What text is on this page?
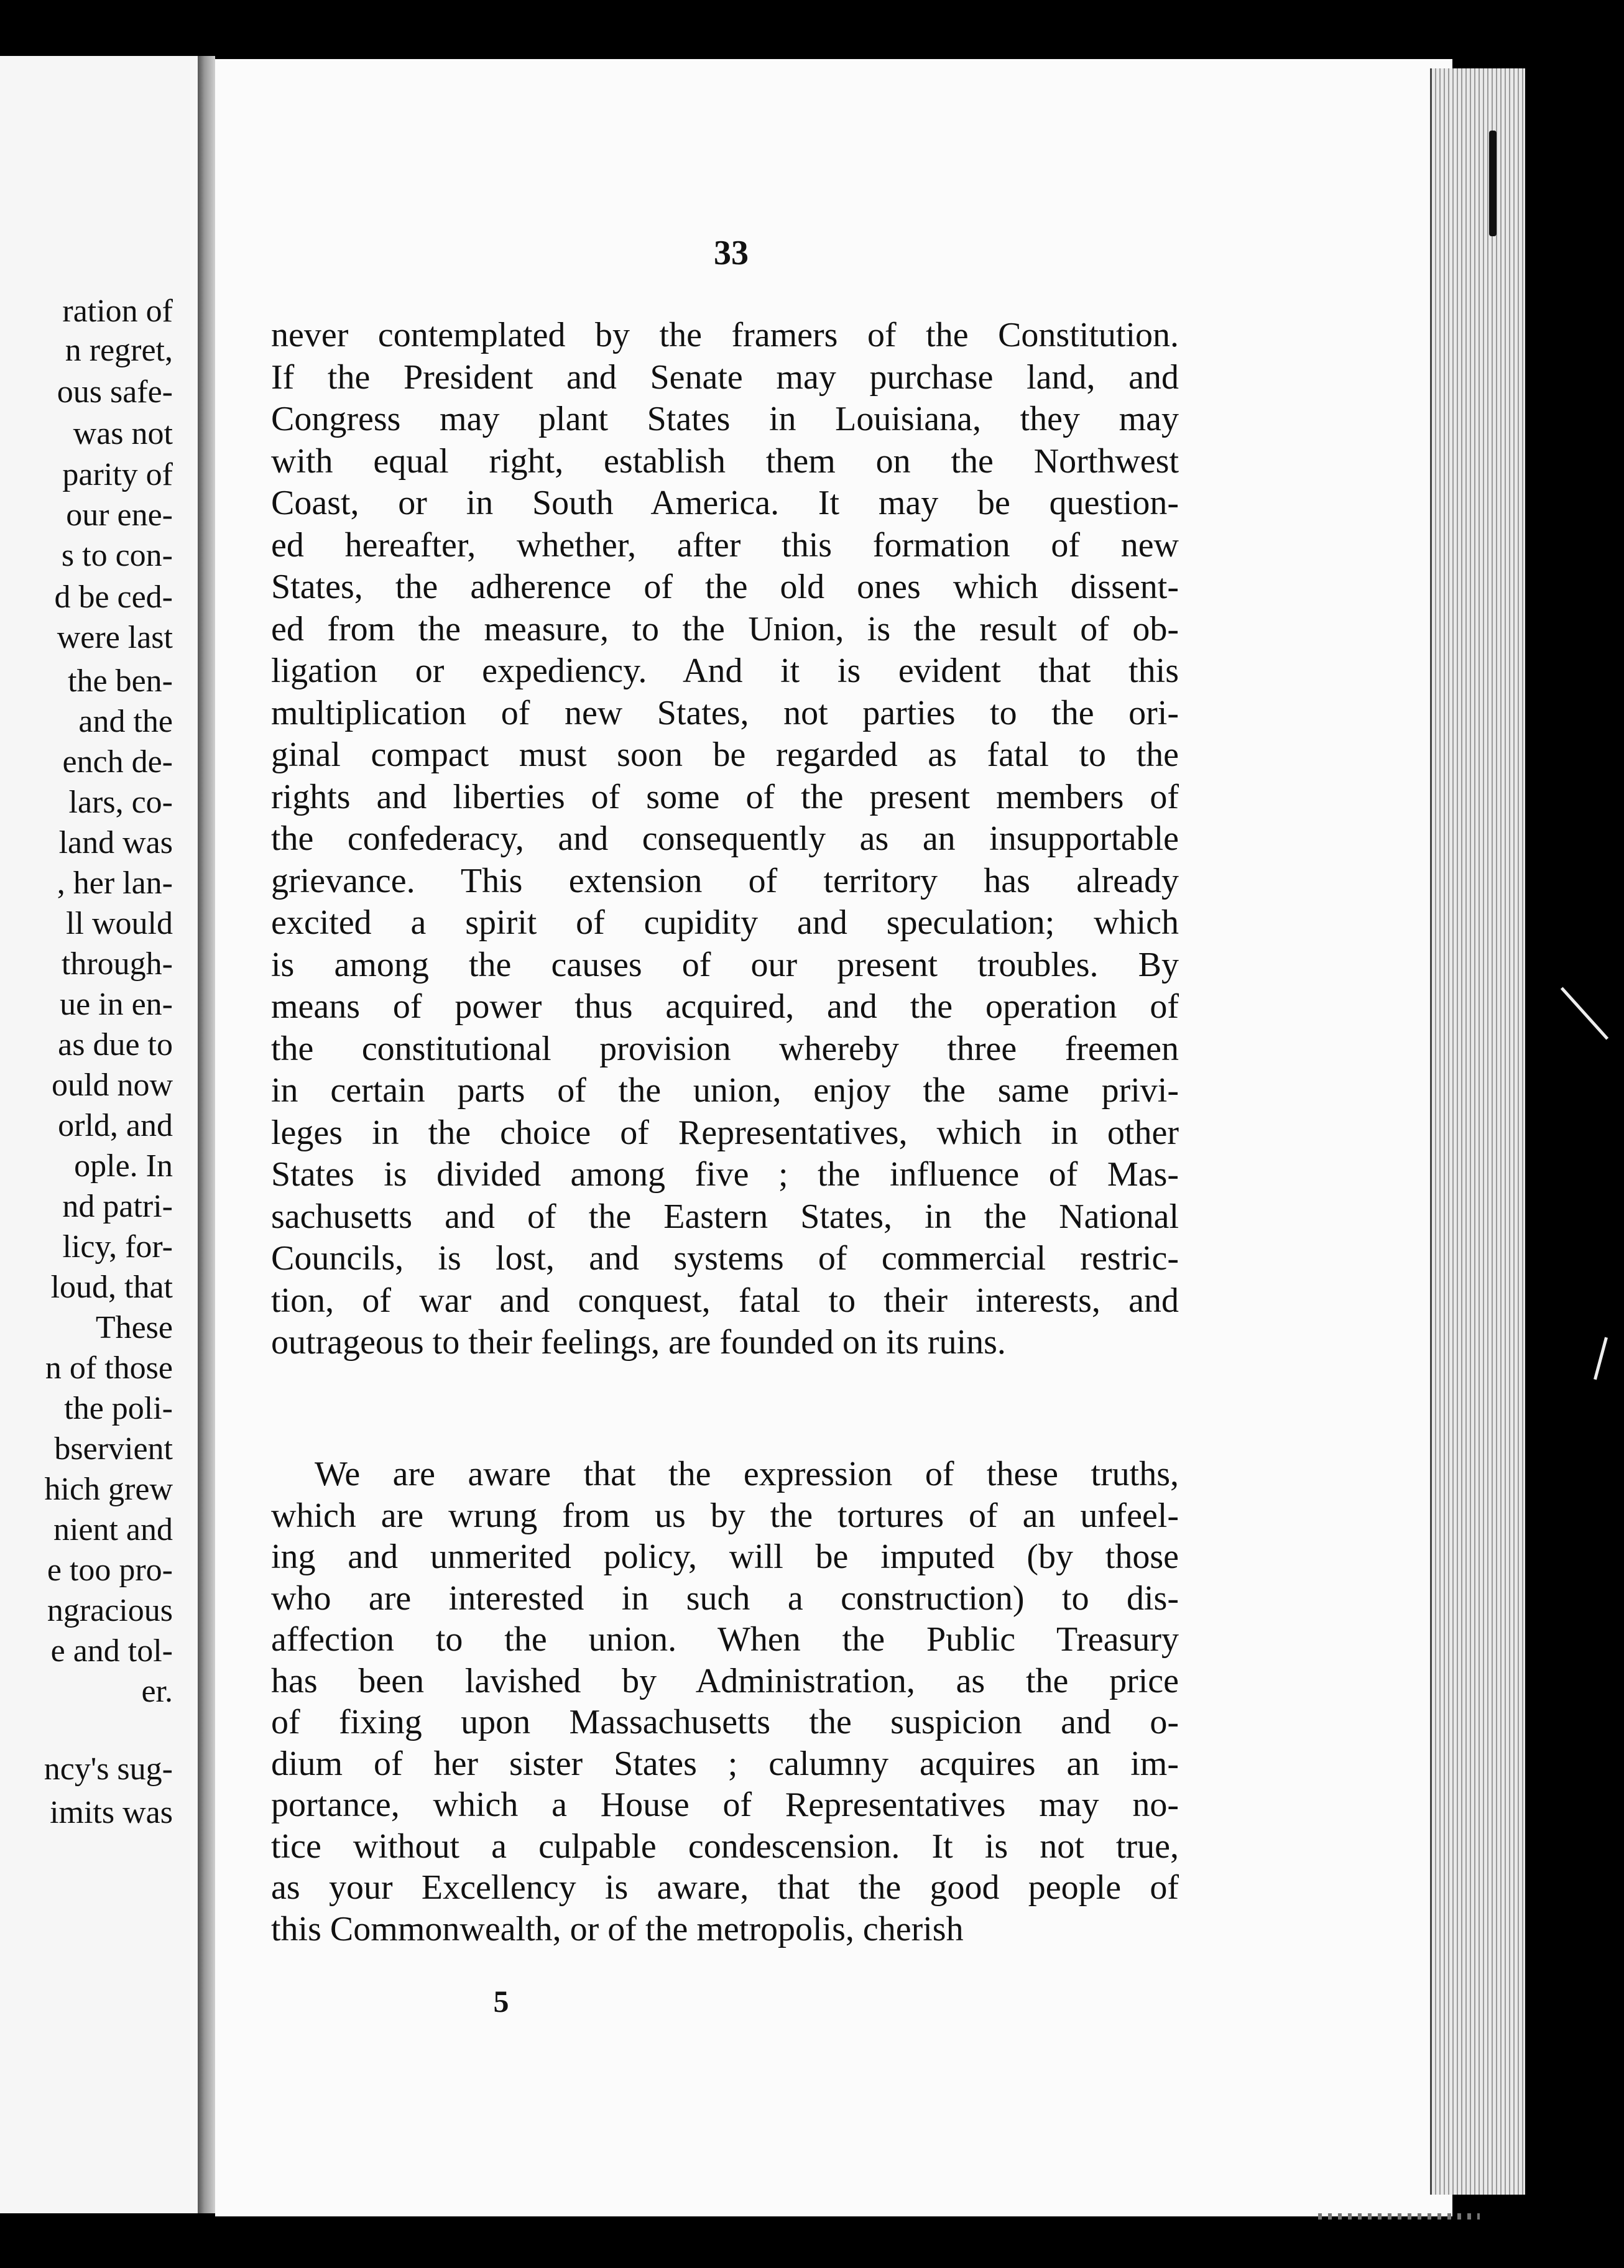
ration of
n regret,
ous safe-
was not
parity of
our ene-
s to con-
d be ced-
were last
the ben-
and the
ench de-
lars, co-
land was
, her lan-
ll would
through-
ue in en-
as due to
ould now
orld, and
ople. In
nd patri-
licy, for-
loud, that
These
n of those
the poli-
bservient
hich grew
nient and
e too pro-
ngracious
e and tol-
er.
ncy's sug-
imits was
33
never contemplated by the framers of the Constitution.
If the President and Senate may purchase land, and
Congress may plant States in Louisiana, they may
with equal right, establish them on the Northwest
Coast, or in South America. It may be question-
ed hereafter, whether, after this formation of new
States, the adherence of the old ones which dissent-
ed from the measure, to the Union, is the result of ob-
ligation or expediency. And it is evident that this
multiplication of new States, not parties to the ori-
ginal compact must soon be regarded as fatal to the
rights and liberties of some of the present members of
the confederacy, and consequently as an insupportable
grievance. This extension of territory has already
excited a spirit of cupidity and speculation; which
is among the causes of our present troubles. By
means of power thus acquired, and the operation of
the constitutional provision whereby three freemen
in certain parts of the union, enjoy the same privi-
leges in the choice of Representatives, which in other
States is divided among five ; the influence of Mas-
sachusetts and of the Eastern States, in the National
Councils, is lost, and systems of commercial restric-
tion, of war and conquest, fatal to their interests, and
outrageous to their feelings, are founded on its ruins.
We are aware that the expression of these truths,
which are wrung from us by the tortures of an unfeel-
ing and unmerited policy, will be imputed (by those
who are interested in such a construction) to dis-
affection to the union. When the Public Treasury
has been lavished by Administration, as the price
of fixing upon Massachusetts the suspicion and o-
dium of her sister States ; calumny acquires an im-
portance, which a House of Representatives may no-
tice without a culpable condescension. It is not true,
as your Excellency is aware, that the good people of
this Commonwealth, or of the metropolis, cherish
5
